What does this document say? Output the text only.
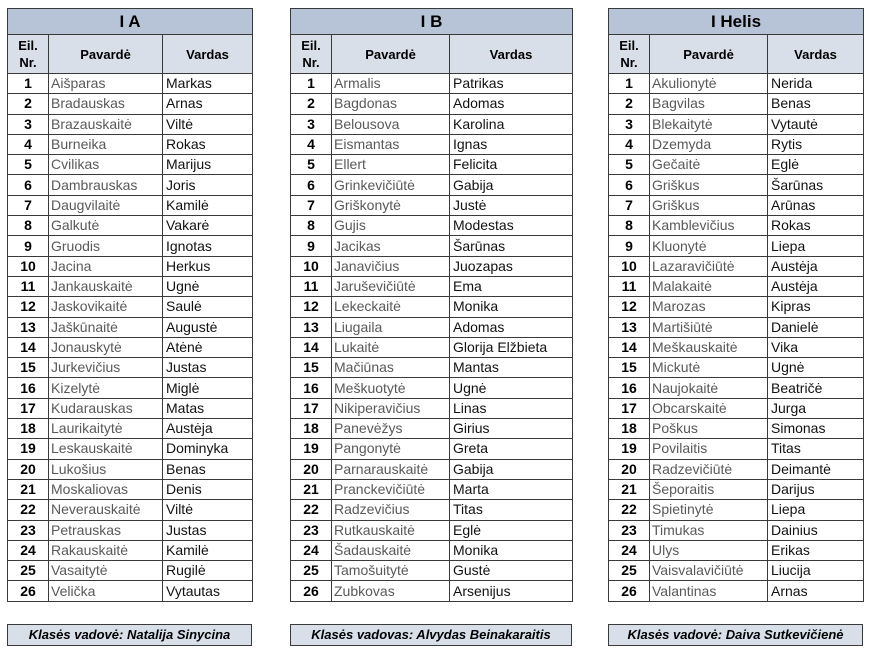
I A		
Eil. Nr.	Pavardė	Vardas
1	Aišparas	Markas
2	Bradauskas	Arnas
3	Brazauskaitė	Viltė
4	Burneika	Rokas
5	Cvilikas	Marijus
6	Dambrauskas	Joris
7	Daugvilaitė	Kamilė
8	Galkutė	Vakarė
9	Gruodis	Ignotas
10	Jacina	Herkus
11	Jankauskaitė	Ugnė
12	Jaskovikaitė	Saulė
13	Jaškūnaitė	Augustė
14	Jonauskytė	Atėnė
15	Jurkevičius	Justas
16	Kizelytė	Miglė
17	Kudarauskas	Matas
18	Laurikaitytė	Austėja
19	Leskauskaitė	Dominyka
20	Lukošius	Benas
21	Moskaliovas	Denis
22	Neverauskaitė	Viltė
23	Petrauskas	Justas
24	Rakauskaitė	Kamilė
25	Vasaitytė	Rugilė
26	Velička	Vytautas
I B		
Eil. Nr.	Pavardė	Vardas
1	Armalis	Patrikas
2	Bagdonas	Adomas
3	Belousova	Karolina
4	Eismantas	Ignas
5	Ellert	Felicita
6	Grinkevičiūtė	Gabija
7	Griškonytė	Justė
8	Gujis	Modestas
9	Jacikas	Šarūnas
10	Janavičius	Juozapas
11	Jaruševičiūtė	Ema
12	Lekeckaitė	Monika
13	Liugaila	Adomas
14	Lukaitė	Glorija Elžbieta
15	Mačiūnas	Mantas
16	Meškuotytė	Ugnė
17	Nikiperavičius	Linas
18	Panevėžys	Girius
19	Pangonytė	Greta
20	Parnarauskaitė	Gabija
21	Pranckevičiūtė	Marta
22	Radzevičius	Titas
23	Rutkauskaitė	Eglė
24	Šadauskaitė	Monika
25	Tamošuitytė	Gustė
26	Zubkovas	Arsenijus
I Helis		
Eil. Nr.	Pavardė	Vardas
1	Akulionytė	Nerida
2	Bagvilas	Benas
3	Blekaitytė	Vytautė
4	Dzemyda	Rytis
5	Gečaitė	Eglė
6	Griškus	Šarūnas
7	Griškus	Arūnas
8	Kamblevičius	Rokas
9	Kluonytė	Liepa
10	Lazaravičiūtė	Austėja
11	Malakaitė	Austėja
12	Marozas	Kipras
13	Martišiūtė	Danielė
14	Meškauskaitė	Vika
15	Mickutė	Ugnė
16	Naujokaitė	Beatričė
17	Obcarskaitė	Jurga
18	Poškus	Simonas
19	Povilaitis	Titas
20	Radzevičiūtė	Deimantė
21	Šeporaitis	Darijus
22	Spietinytė	Liepa
23	Timukas	Dainius
24	Ulys	Erikas
25	Vaisvalavičiūtė	Liucija
26	Valantinas	Arnas
Klasės vadovė: Natalija Sinycina	Klasės vadovas: Alvydas Beinakaraitis	Klasės vadovė: Daiva Sutkevičienė
